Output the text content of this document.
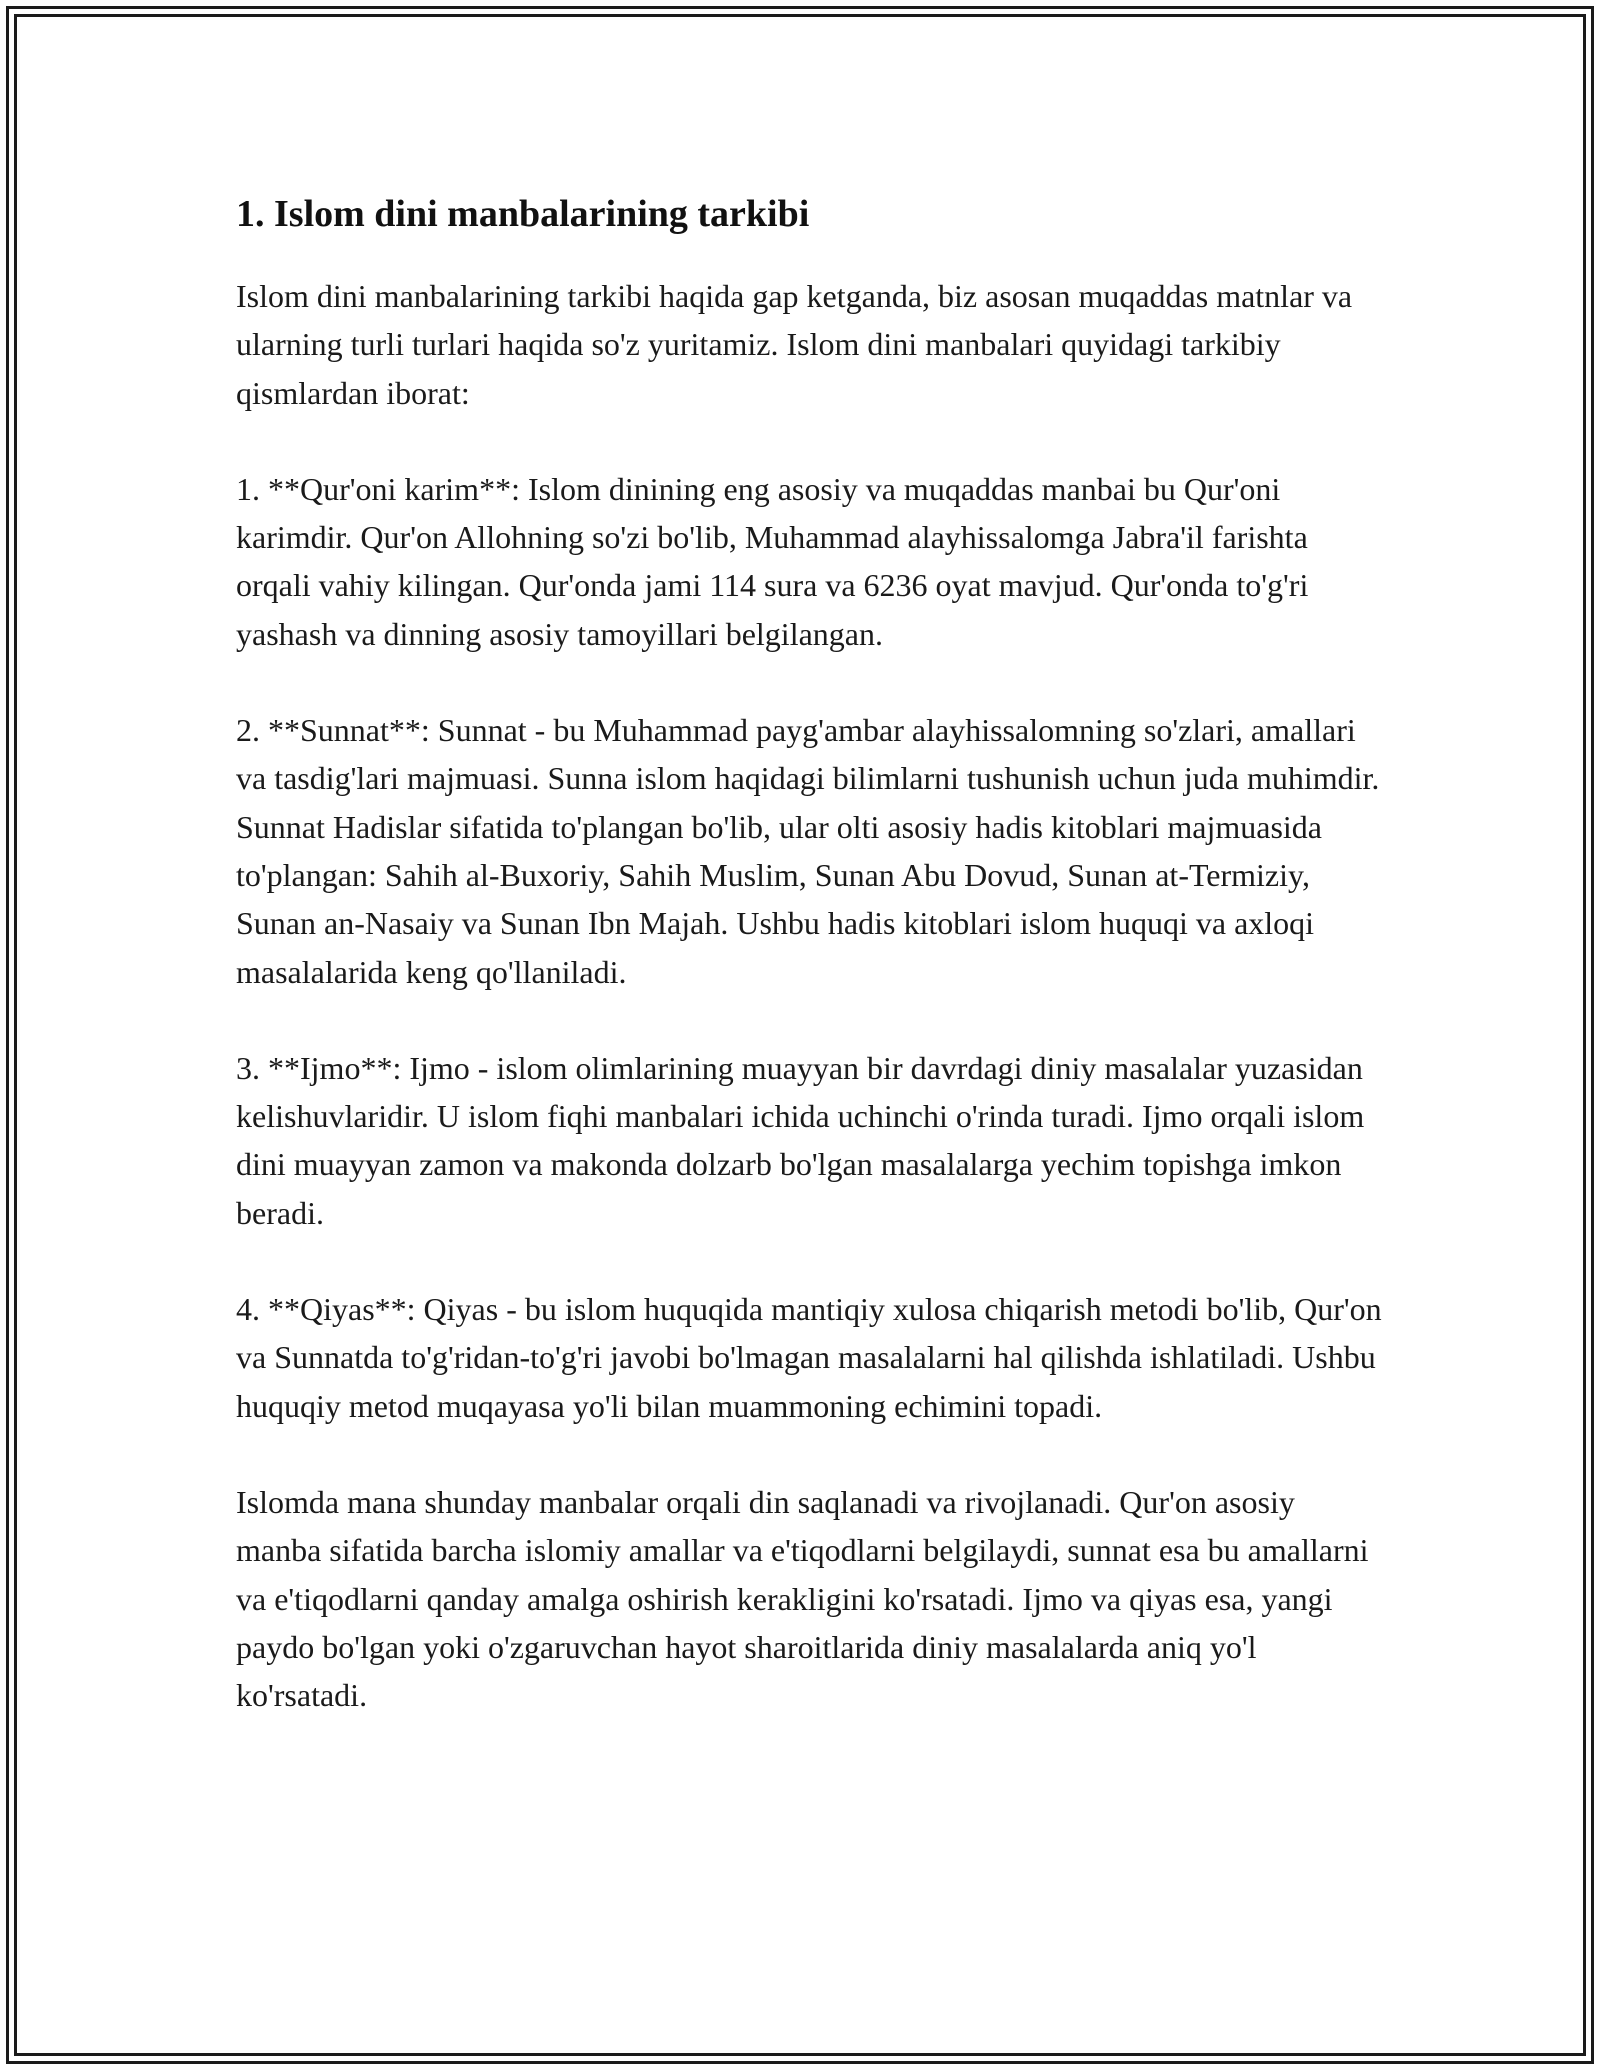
1. Islom dini manbalarining tarkibi

Islom dini manbalarining tarkibi haqida gap ketganda, biz asosan muqaddas matnlar va ularning turli turlari haqida so'z yuritamiz. Islom dini manbalari quyidagi tarkibiy qismlardan iborat:

1. **Qur'oni karim**: Islom dinining eng asosiy va muqaddas manbai bu Qur'oni karimdir. Qur'on Allohning so'zi bo'lib, Muhammad alayhissalomga Jabra'il farishta orqali vahiy kilingan. Qur'onda jami 114 sura va 6236 oyat mavjud. Qur'onda to'g'ri yashash va dinning asosiy tamoyillari belgilangan.

2. **Sunnat**: Sunnat - bu Muhammad payg'ambar alayhissalomning so'zlari, amallari va tasdig'lari majmuasi. Sunna islom haqidagi bilimlarni tushunish uchun juda muhimdir. Sunnat Hadislar sifatida to'plangan bo'lib, ular olti asosiy hadis kitoblari majmuasida to'plangan: Sahih al-Buxoriy, Sahih Muslim, Sunan Abu Dovud, Sunan at-Termiziy, Sunan an-Nasaiy va Sunan Ibn Majah. Ushbu hadis kitoblari islom huquqi va axloqi masalalarida keng qo'llaniladi.

3. **Ijmo**: Ijmo - islom olimlarining muayyan bir davrdagi diniy masalalar yuzasidan kelishuvlaridir. U islom fiqhi manbalari ichida uchinchi o'rinda turadi. Ijmo orqali islom dini muayyan zamon va makonda dolzarb bo'lgan masalalarga yechim topishga imkon beradi.

4. **Qiyas**: Qiyas - bu islom huquqida mantiqiy xulosa chiqarish metodi bo'lib, Qur'on va Sunnatda to'g'ridan-to'g'ri javobi bo'lmagan masalalarni hal qilishda ishlatiladi. Ushbu huquqiy metod muqayasa yo'li bilan muammoning echimini topadi.

Islomda mana shunday manbalar orqali din saqlanadi va rivojlanadi. Qur'on asosiy manba sifatida barcha islomiy amallar va e'tiqodlarni belgilaydi, sunnat esa bu amallarni va e'tiqodlarni qanday amalga oshirish kerakligini ko'rsatadi. Ijmo va qiyas esa, yangi paydo bo'lgan yoki o'zgaruvchan hayot sharoitlarida diniy masalalarda aniq yo'l ko'rsatadi.
